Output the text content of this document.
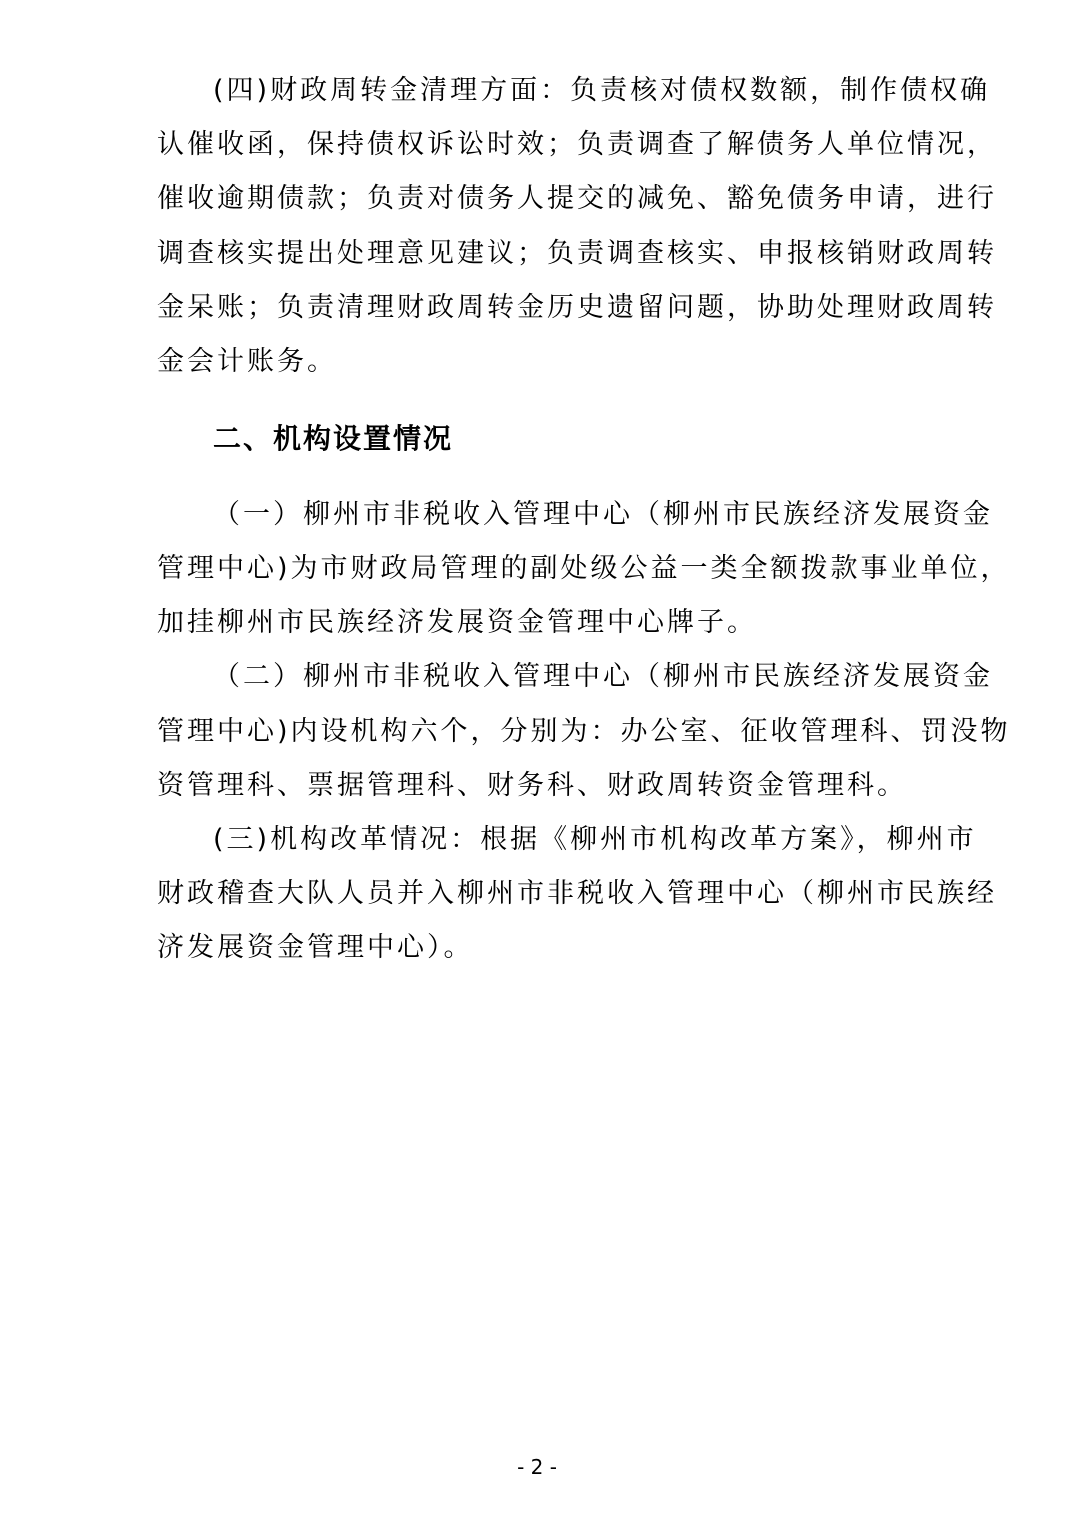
(四)财政周转金清理方面：负责核对债权数额，制作债权确
认催收函，保持债权诉讼时效；负责调查了解债务人单位情况，
催收逾期债款；负责对债务人提交的减免、豁免债务申请，进行
调查核实提出处理意见建议；负责调查核实、申报核销财政周转
金呆账；负责清理财政周转金历史遗留问题，协助处理财政周转
金会计账务。
二、机构设置情况
（一）柳州市非税收入管理中心（柳州市民族经济发展资金
管理中心)为市财政局管理的副处级公益一类全额拨款事业单位，
加挂柳州市民族经济发展资金管理中心牌子。
（二）柳州市非税收入管理中心（柳州市民族经济发展资金
管理中心)内设机构六个，分别为：办公室、征收管理科、罚没物
资管理科、票据管理科、财务科、财政周转资金管理科。
(三)机构改革情况：根据《柳州市机构改革方案》，柳州市
财政稽查大队人员并入柳州市非税收入管理中心（柳州市民族经
济发展资金管理中心）。
- 2 -
